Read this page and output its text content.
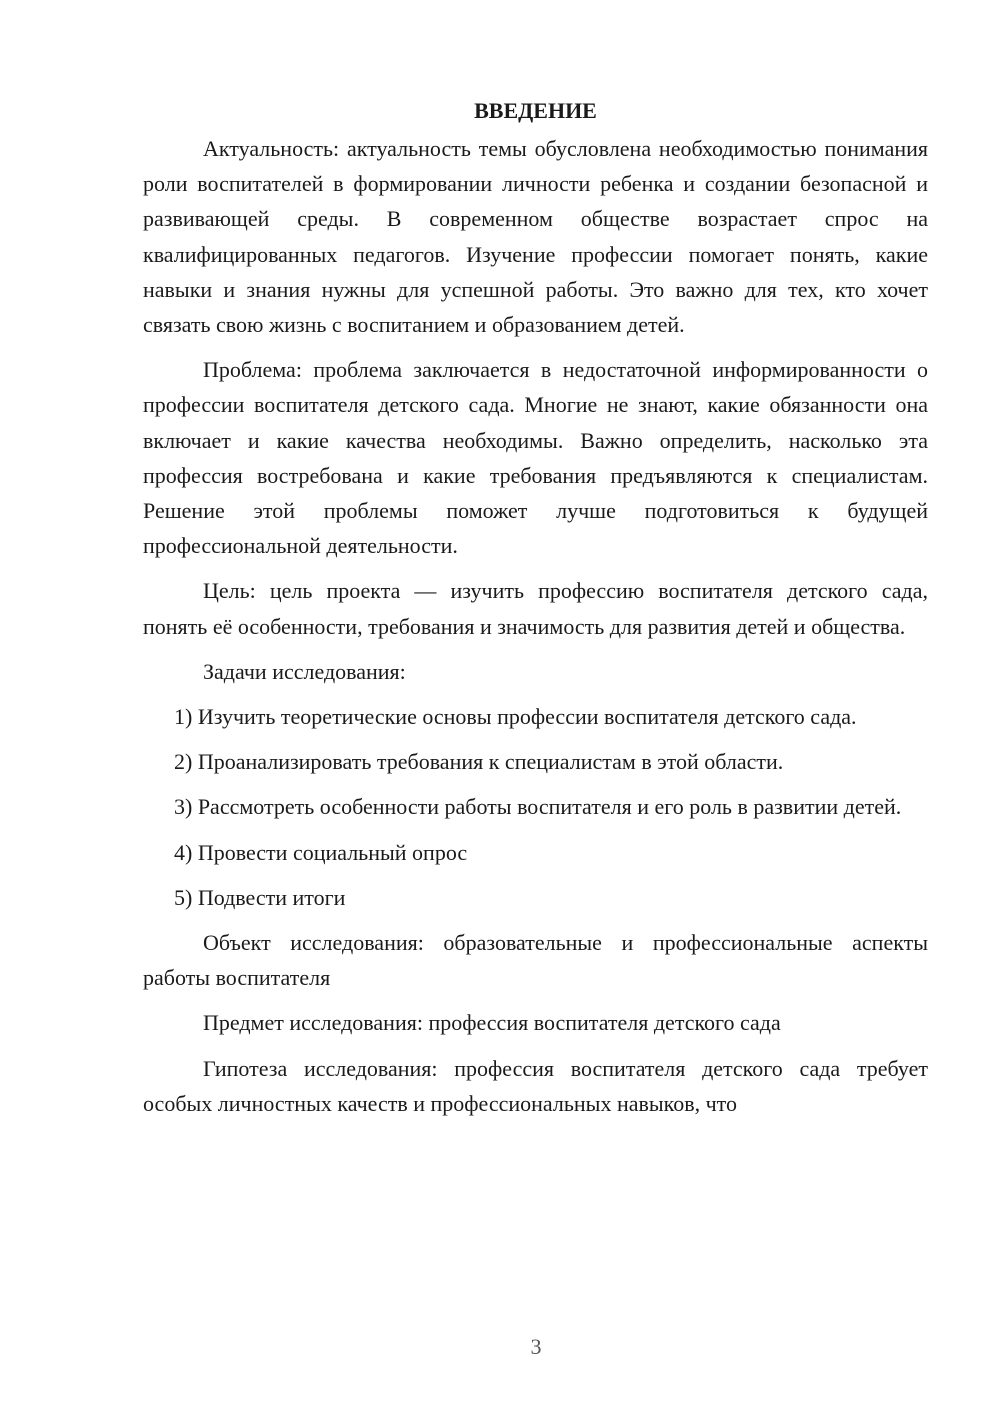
ВВЕДЕНИЕ

Актуальность: актуальность темы обусловлена необходимостью понимания роли воспитателей в формировании личности ребенка и создании безопасной и развивающей среды. В современном обществе возрастает спрос на квалифицированных педагогов. Изучение профессии помогает понять, какие навыки и знания нужны для успешной работы. Это важно для тех, кто хочет связать свою жизнь с воспитанием и образованием детей.

Проблема: проблема заключается в недостаточной информированности о профессии воспитателя детского сада. Многие не знают, какие обязанности она включает и какие качества необходимы. Важно определить, насколько эта профессия востребована и какие требования предъявляются к специалистам. Решение этой проблемы поможет лучше подготовиться к будущей профессиональной деятельности.

Цель: цель проекта — изучить профессию воспитателя детского сада, понять её особенности, требования и значимость для развития детей и общества.

Задачи исследования:

1) Изучить теоретические основы профессии воспитателя детского сада.

2) Проанализировать требования к специалистам в этой области.

3) Рассмотреть особенности работы воспитателя и его роль в развитии детей.

4) Провести социальный опрос

5) Подвести итоги

Объект исследования: образовательные и профессиональные аспекты работы воспитателя

Предмет исследования: профессия воспитателя детского сада

Гипотеза исследования: профессия воспитателя детского сада требует особых личностных качеств и профессиональных навыков, что

3
